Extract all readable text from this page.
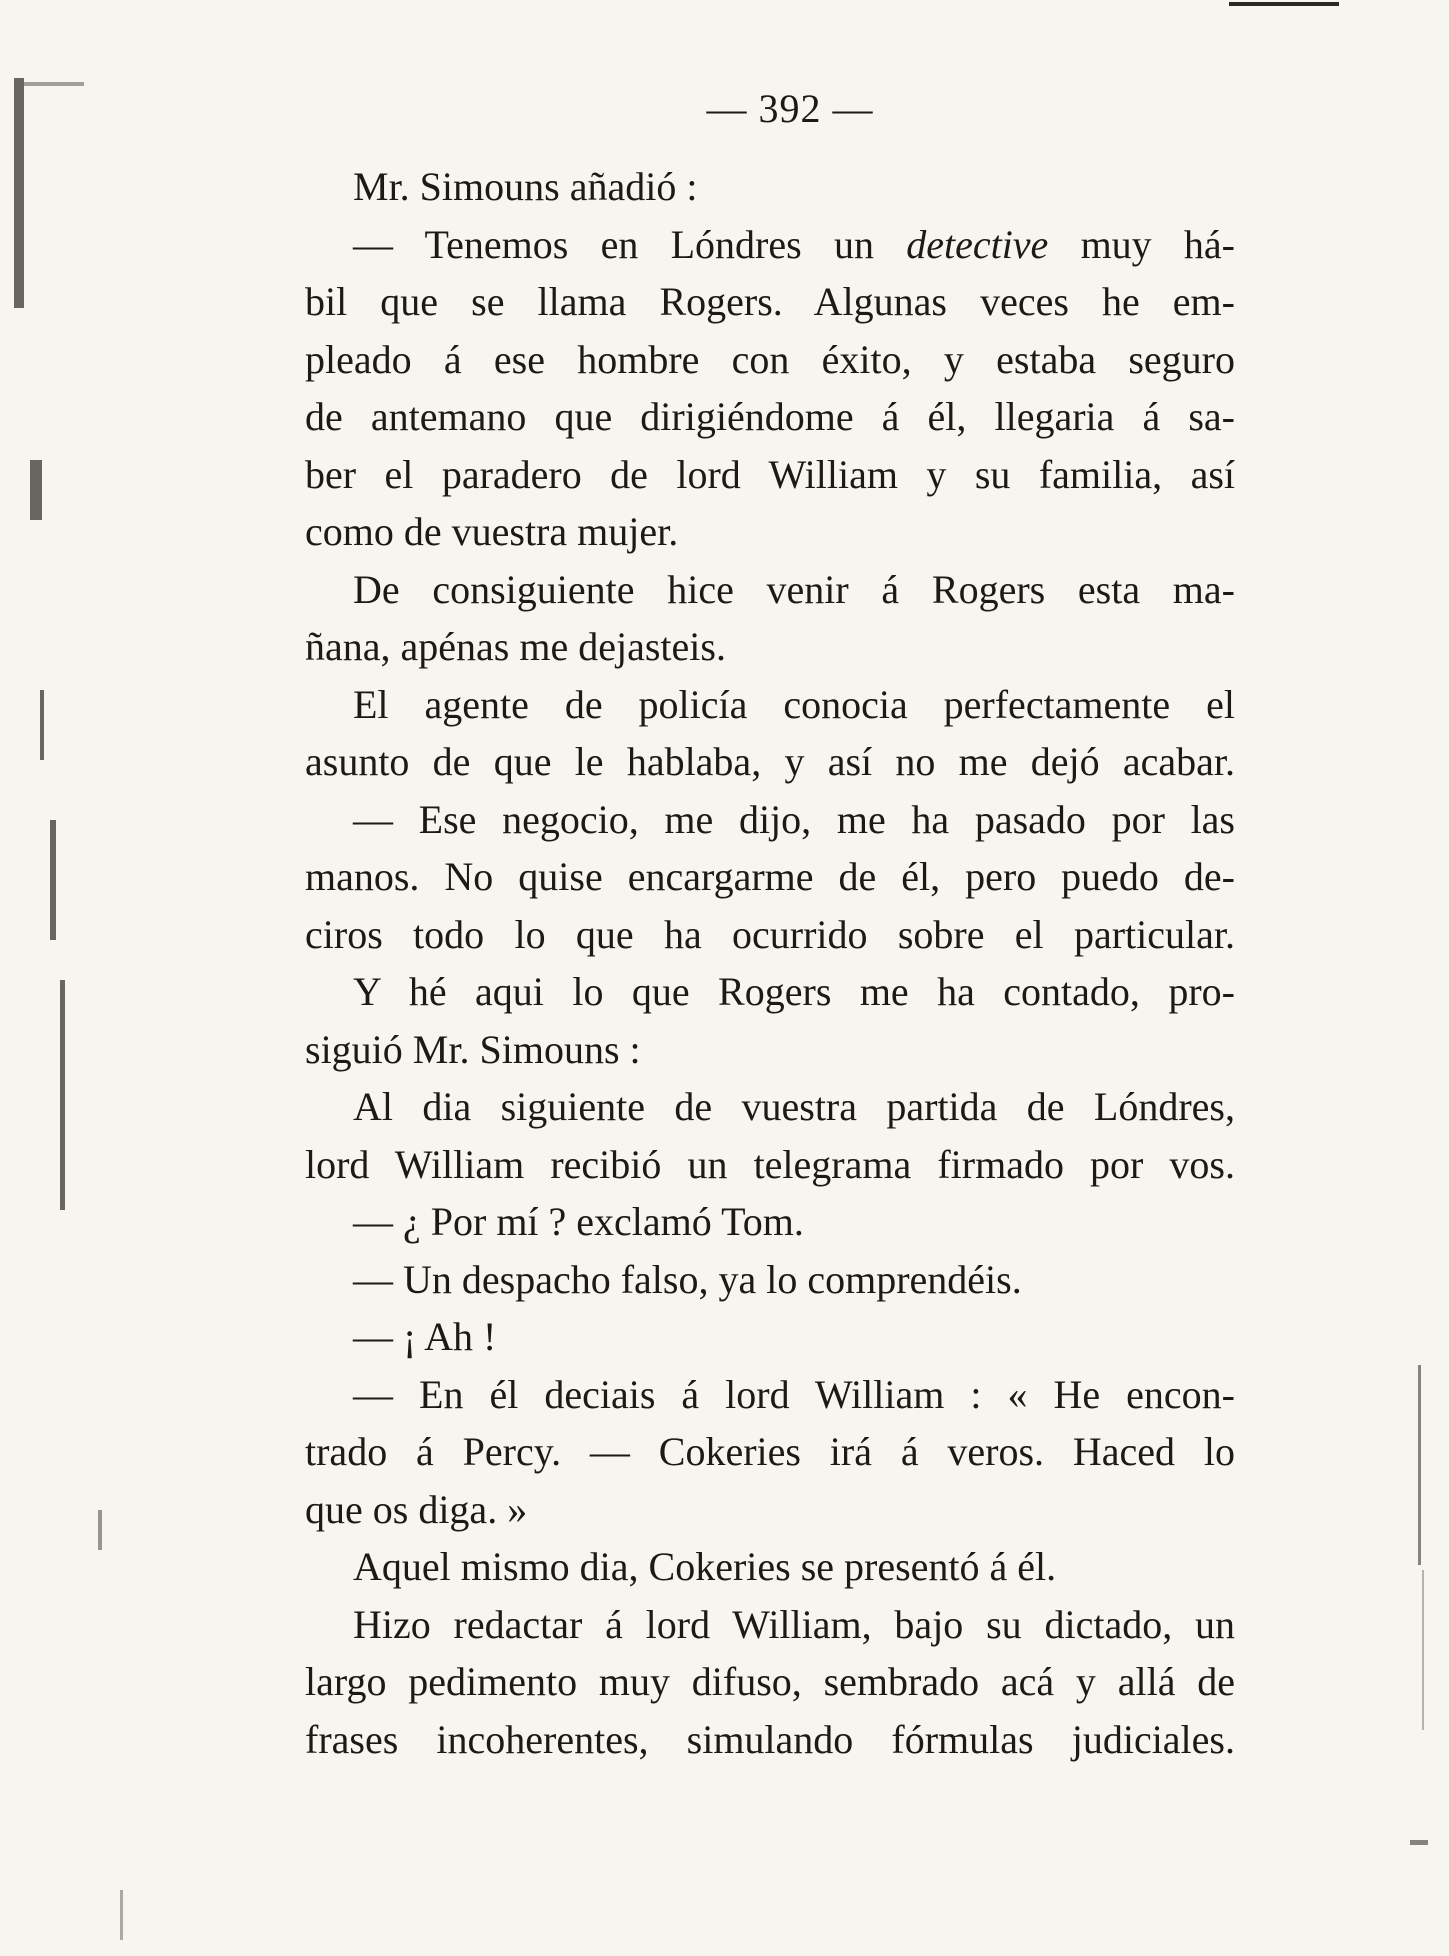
— 392 —
Mr. Simouns añadió :
— Tenemos en Lóndres un detective muy há-
bil que se llama Rogers. Algunas veces he em-
pleado á ese hombre con éxito, y estaba seguro
de antemano que dirigiéndome á él, llegaria á sa-
ber el paradero de lord William y su familia, así
como de vuestra mujer.
De consiguiente hice venir á Rogers esta ma-
ñana, apénas me dejasteis.
El agente de policía conocia perfectamente el
asunto de que le hablaba, y así no me dejó acabar.
— Ese negocio, me dijo, me ha pasado por las
manos. No quise encargarme de él, pero puedo de-
ciros todo lo que ha ocurrido sobre el particular.
Y hé aqui lo que Rogers me ha contado, pro-
siguió Mr. Simouns :
Al dia siguiente de vuestra partida de Lóndres,
lord William recibió un telegrama firmado por vos.
— ¿ Por mí ? exclamó Tom.
— Un despacho falso, ya lo comprendéis.
— ¡ Ah !
— En él deciais á lord William : « He encon-
trado á Percy. — Cokeries irá á veros. Haced lo
que os diga. »
Aquel mismo dia, Cokeries se presentó á él.
Hizo redactar á lord William, bajo su dictado, un
largo pedimento muy difuso, sembrado acá y allá de
frases incoherentes, simulando fórmulas judiciales.
